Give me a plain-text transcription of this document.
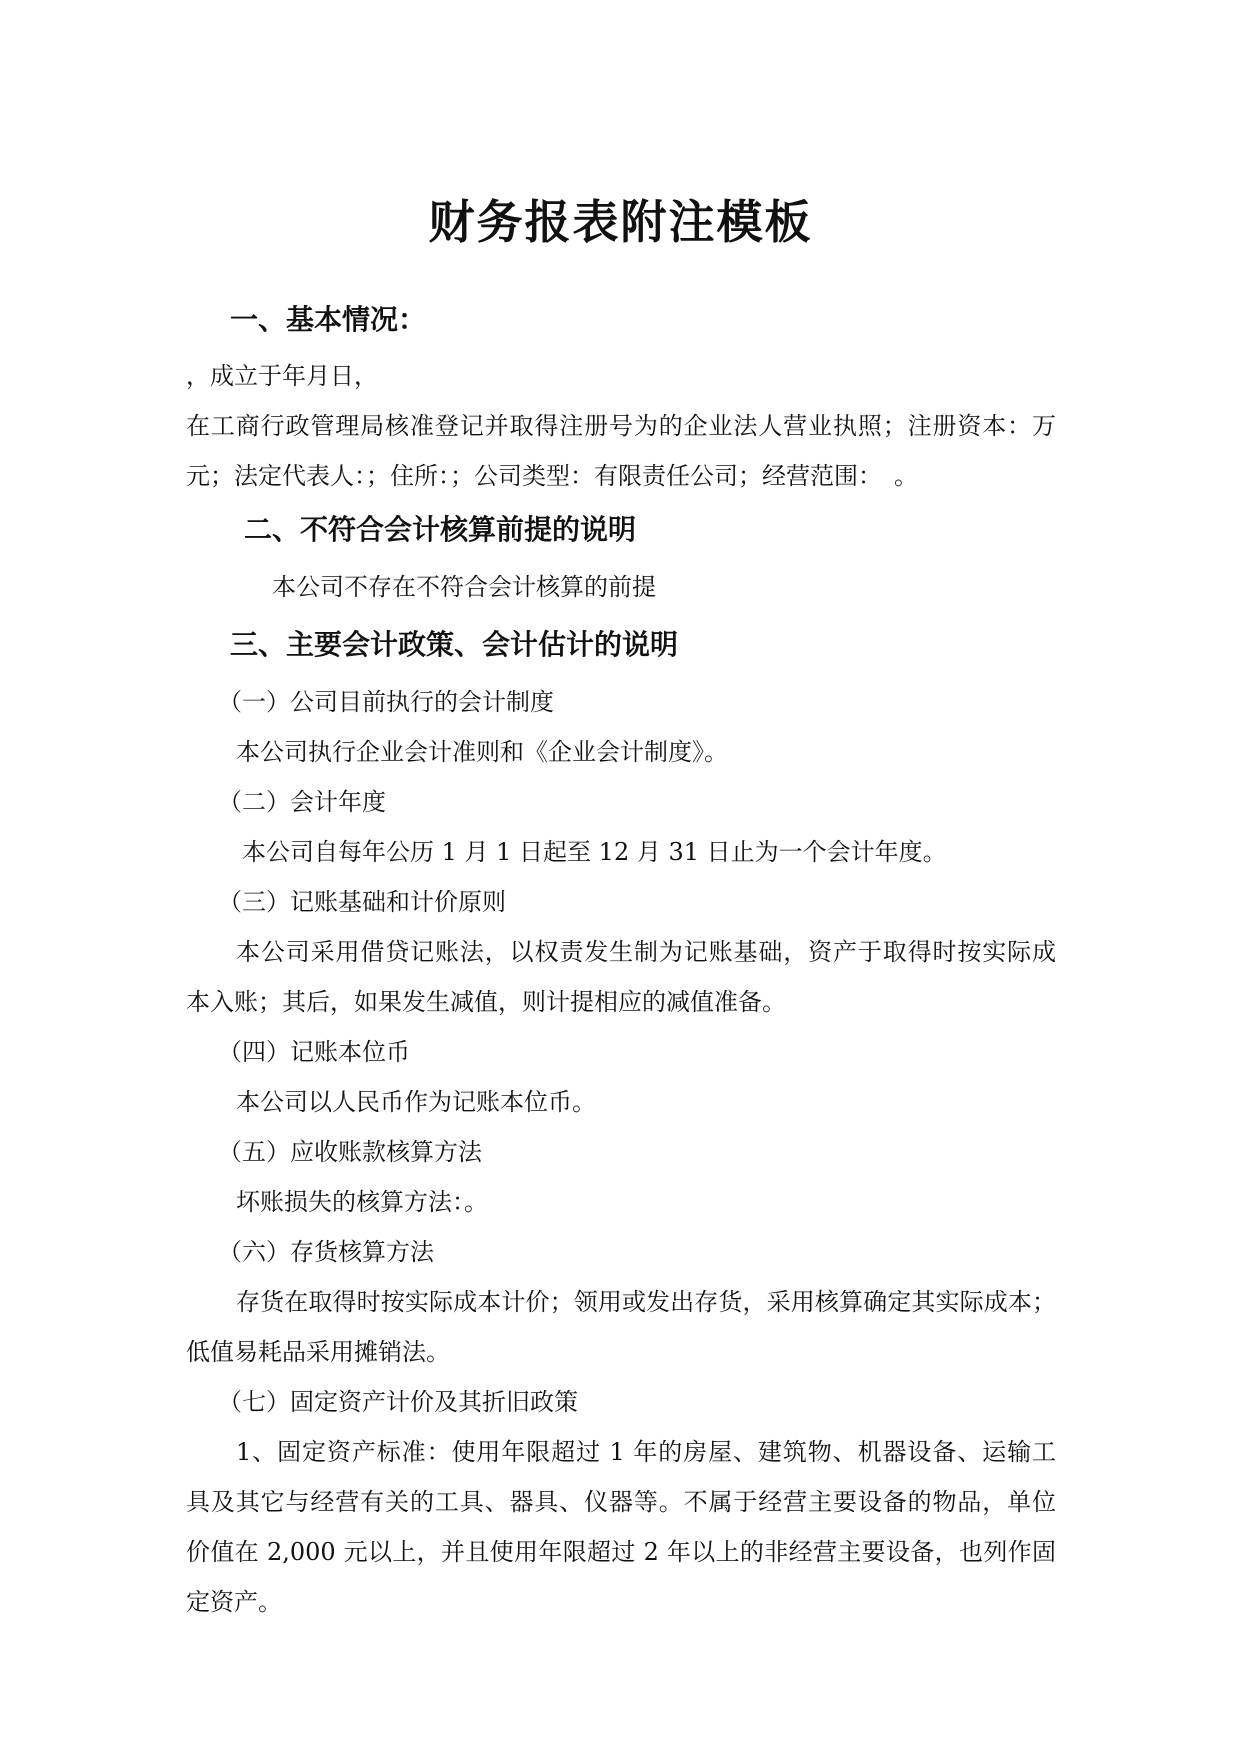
财务报表附注模板
一、基本情况：
，成立于年月日，
在工商行政管理局核准登记并取得注册号为的企业法人营业执照；注册资本：万
元；法定代表人：；住所：；公司类型：有限责任公司；经营范围：　。
二、不符合会计核算前提的说明
本公司不存在不符合会计核算的前提
三、主要会计政策、会计估计的说明
（一）公司目前执行的会计制度
本公司执行企业会计准则和《企业会计制度》。
（二）会计年度
本公司自每年公历 1 月 1 日起至 12 月 31 日止为一个会计年度。
（三）记账基础和计价原则
本公司采用借贷记账法，以权责发生制为记账基础，资产于取得时按实际成
本入账；其后，如果发生减值，则计提相应的减值准备。
（四）记账本位币
本公司以人民币作为记账本位币。
（五）应收账款核算方法
坏账损失的核算方法：。
（六）存货核算方法
存货在取得时按实际成本计价；领用或发出存货，采用核算确定其实际成本；
低值易耗品采用摊销法。
（七）固定资产计价及其折旧政策
1、固定资产标准：使用年限超过 1 年的房屋、建筑物、机器设备、运输工
具及其它与经营有关的工具、器具、仪器等。不属于经营主要设备的物品，单位
价值在 2,000 元以上，并且使用年限超过 2 年以上的非经营主要设备，也列作固
定资产。
